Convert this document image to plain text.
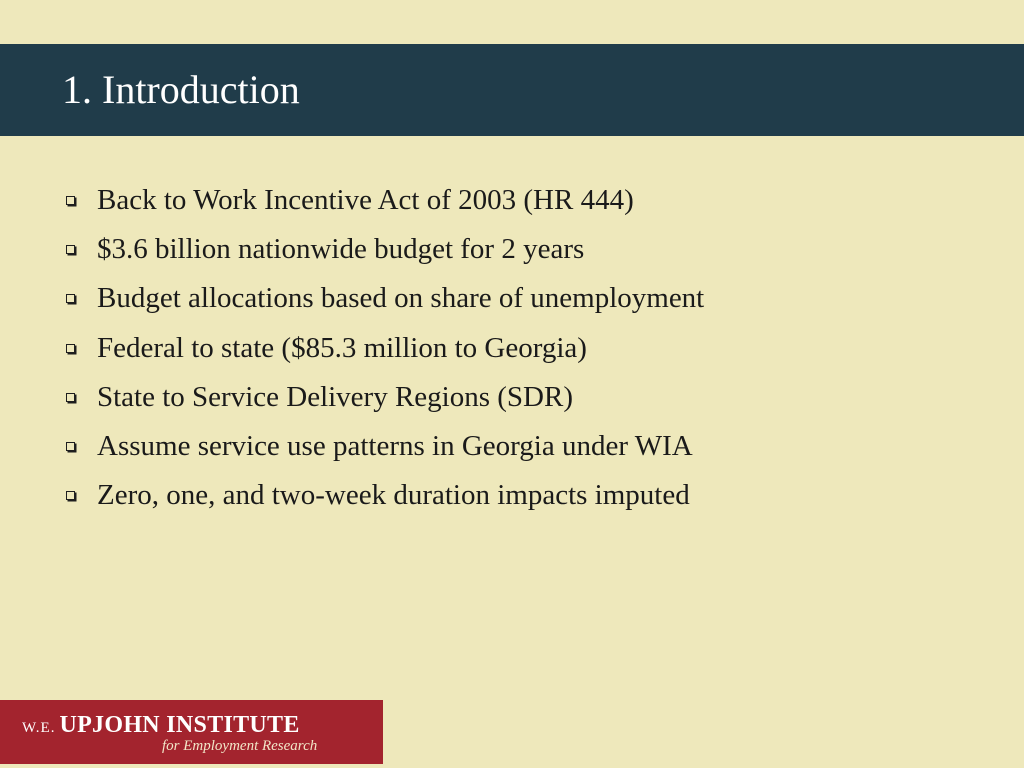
1. Introduction
Back to Work Incentive Act of 2003 (HR 444)
$3.6 billion nationwide budget for 2 years
Budget allocations based on share of unemployment
Federal to state ($85.3 million to Georgia)
State to Service Delivery Regions (SDR)
Assume service use patterns in Georgia under WIA
Zero, one, and two-week duration impacts imputed
W.E. UPJOHN INSTITUTE
for Employment Research
